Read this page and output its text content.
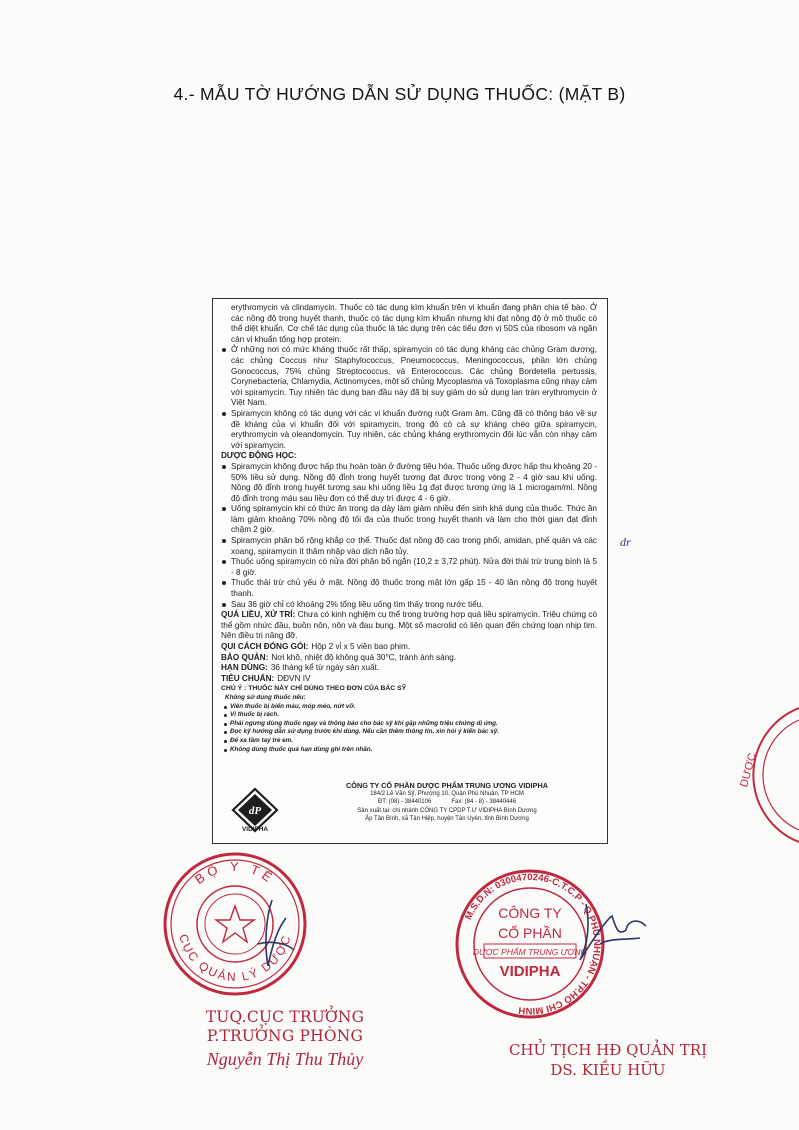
4.- MẪU TỜ HƯỚNG DẪN SỬ DỤNG THUỐC: (MẶT B)
DƯỢC
erythromycin và clindamycin. Thuốc có tác dụng kìm khuẩn trên vi khuẩn đang phân chia tế bào. Ở các nồng độ trong huyết thanh, thuốc có tác dụng kìm khuẩn nhưng khi đạt nồng độ ở mô thuốc có thể diệt khuẩn. Cơ chế tác dụng của thuốc là tác dụng trên các tiểu đơn vị 50S của ribosom và ngăn cản vi khuẩn tổng hợp protein.
Ở những nơi có mức kháng thuốc rất thấp, spiramycin có tác dụng kháng các chủng Gram dương, các chủng Coccus như Staphylococcus, Pneumococcus, Meningococcus, phần lớn chủng Gonococcus, 75% chủng Streptococcus, và Enterococcus. Các chủng Bordetella pertussis, Corynebacteria, Chlamydia, Actinomyces, một số chủng Mycoplasma và Toxoplasma cũng nhạy cảm với spiramycin. Tuy nhiên tác dụng ban đầu này đã bị suy giảm do sử dụng lan tràn erythromycin ở Việt Nam.
Spiramycin không có tác dụng với các vi khuẩn đường ruột Gram âm. Cũng đã có thông báo về sự đề kháng của vi khuẩn đối với spiramycin, trong đó có cả sự kháng chéo giữa spiramycin, erythromycin và oleandomycin. Tuy nhiên, các chủng kháng erythromycin đôi lúc vẫn còn nhạy cảm với spiramycin.
DƯỢC ĐỘNG HỌC:
Spiramycin không được hấp thu hoàn toàn ở đường tiêu hóa. Thuốc uống được hấp thu khoảng 20 - 50% liều sử dụng. Nồng độ đỉnh trong huyết tương đạt được trong vòng 2 - 4 giờ sau khi uống. Nồng độ đỉnh trong huyết tương sau khi uống liều 1g đạt được tương ứng là 1 microgam/ml. Nồng độ đỉnh trong máu sau liều đơn có thể duy trì được 4 - 6 giờ.
Uống spiramycin khi có thức ăn trong dạ dày làm giảm nhiều đến sinh khả dụng của thuốc. Thức ăn làm giảm khoảng 70% nồng độ tối đa của thuốc trong huyết thanh và làm cho thời gian đạt đỉnh chậm 2 giờ.
Spiramycin phân bố rộng khắp cơ thể. Thuốc đạt nồng độ cao trong phổi, amidan, phế quản và các xoang, spiramycin ít thâm nhập vào dịch não tủy.
Thuốc uống spiramycin có nửa đời phân bố ngắn (10,2 ± 3,72 phút). Nửa đời thải trừ trung bình là 5 - 8 giờ.
Thuốc thải trừ chủ yếu ở mật. Nồng độ thuốc trong mật lớn gấp 15 - 40 lần nồng độ trong huyết thanh.
Sau 36 giờ chỉ có khoảng 2% tổng liều uống tìm thấy trong nước tiểu.
QUÁ LIỀU, XỬ TRÍ: Chưa có kinh nghiệm cụ thể trong trường hợp quá liều spiramycin. Triệu chứng có thể gồm nhức đầu, buồn nôn, nôn và đau bụng. Một số macrolid có liên quan đến chứng loạn nhịp tim. Nên điều trị nâng đỡ.
QUI CÁCH ĐÓNG GÓI: Hộp 2 vỉ x 5 viên bao phim.
BẢO QUẢN: Nơi khô, nhiệt độ không quá 30°C, tránh ánh sáng.
HẠN DÙNG: 36 tháng kể từ ngày sản xuất.
TIÊU CHUẨN: DĐVN IV
CHÚ Ý : THUỐC NÀY CHỈ DÙNG THEO ĐƠN CỦA BÁC SỸ
Không sử dụng thuốc nếu:
Viên thuốc bị biến màu, móp méo, nứt vỡ.
Vỉ thuốc bị rách.
Phải ngưng dùng thuốc ngay và thông báo cho bác sỹ khi gặp những triệu chứng dị ứng.
Đọc kỹ hướng dẫn sử dụng trước khi dùng. Nếu cần thêm thông tin, xin hỏi ý kiến bác sỹ.
Để xa tầm tay trẻ em.
Không dùng thuốc quá hạn dùng ghi trên nhãn.
dP
VIDIPHA
CÔNG TY CỔ PHẦN DƯỢC PHẨM TRUNG ƯƠNG VIDIPHA
184/2 Lê Văn Sỹ, Phường 10, Quận Phú Nhuận, TP HCM
ĐT: (08) - 38440106	Fax: (84 - 8) - 38440446
Sản xuất tại: chi nhánh CÔNG TY CPDP T.Ư VIDIPHA Bình Dương
Ấp Tân Bình, xã Tân Hiệp, huyện Tân Uyên, tỉnh Bình Dương
dr
BỘ Y TẾ
CỤC QUẢN LÝ DƯỢC
M.S.D.N: 0300470246-C.T.C.P - Q.PHÚ NHUẬN - TP.HỒ CHÍ MINH
CÔNG TY
CỔ PHẦN
DƯỢC PHẨM TRUNG ƯƠNG
VIDIPHA
TUQ.CỤC TRƯỞNG
P.TRƯỞNG PHÒNG
Nguyễn Thị Thu Thủy	CHỦ TỊCH HĐ QUẢN TRỊ
DS. KIỀU HỮU
